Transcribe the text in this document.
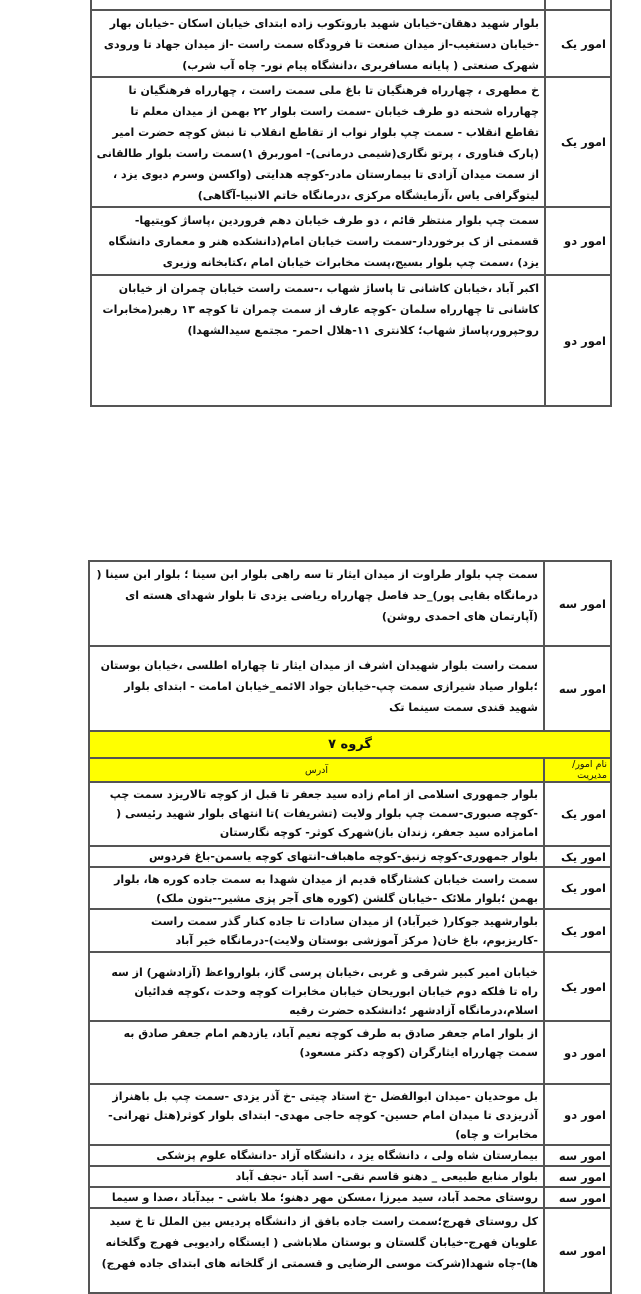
امور یک	بلوار شهید دهقان-خیابان شهید باروتکوب زاده ابتدای خیابان اسکان -خیابان بهار -خیابان دستغیب-از میدان صنعت تا فرودگاه سمت راست -از میدان جهاد تا ورودی شهرک صنعتی ( پایانه مسافربری ،دانشگاه پیام نور- چاه آب شرب)
امور یک	خ مطهری ، چهارراه فرهنگیان تا باغ ملی سمت راست ، چهارراه فرهنگیان تا چهارراه شحنه دو طرف خیابان -سمت راست بلوار ۲۲ بهمن از میدان معلم تا تقاطع انقلاب - سمت چپ بلوار نواب از تقاطع انقلاب تا نبش کوچه حضرت امیر (پارک فناوری ، پرتو نگاری(شیمی درمانی)- اموربرق ۱)سمت راست بلوار طالقانی از سمت میدان آزادی تا بیمارستان مادر-کوچه هدایتی (واکسن وسرم دیوی یزد ، لیتوگرافی یاس ،آزمایشگاه مرکزی ،درمانگاه خاتم الانبیا-آگاهی)
امور دو	سمت چپ بلوار منتظر قائم ، دو طرف خیابان دهم فروردین ،پاساژ کویتیها-قسمتی از ک برخوردار-سمت راست خیابان امام(دانشکده هنر و معماری دانشگاه یزد) ،سمت چپ بلوار بسیج،پست مخابرات خیابان امام ،کتابخانه وزیری
امور دو	اکبر آباد ،خیابان کاشانی تا پاساژ شهاب ،-سمت راست خیابان چمران از خیابان کاشانی تا چهارراه سلمان -کوچه عارف از سمت چمران تا کوچه ۱۳ رهبر(مخابرات روحپرور،پاساژ شهاب؛ کلانتری ۱۱-هلال احمر- مجتمع سیدالشهدا)
امور سه	سمت چپ بلوار طراوت از میدان ایثار تا سه راهی بلوار ابن سینا ؛ بلوار ابن سینا ( درمانگاه بقایی پور)_حد فاصل چهارراه ریاضی یزدی تا بلوار شهدای هسته ای (آپارتمان های احمدی روشن)
امور سه	سمت راست بلوار شهیدان اشرف از میدان ایثار تا چهاراه اطلسی ،خیابان بوستان ؛بلوار صیاد شیرازی سمت چپ-خیابان جواد الائمه_خیابان امامت - ابتدای بلوار شهید قندی سمت سینما تک
گروه ۷	
نام امور/مدیریت	آدرس
امور یک	بلوار جمهوری اسلامی از امام زاده سید جعفر تا قبل از کوچه تالاریزد سمت چپ -کوچه صبوری-سمت چپ بلوار ولایت (تشریفات )تا انتهای بلوار شهید رئیسی ( امامزاده سید جعفر، زندان باز)شهرک کوثر- کوچه نگارستان
امور یک	بلوار جمهوری-کوچه زنبق-کوچه ماهباف-انتهای کوچه یاسمن-باغ فردوس
امور یک	سمت راست خیابان کشتارگاه قدیم از میدان شهدا به سمت جاده کوره ها، بلوار بهمن ؛بلوار ملائک -خیابان گلشن (کوره های آجر پزی مشیر--بتون ملک)
امور یک	بلوارشهید جوکار( خیرآباد) از میدان سادات تا جاده کنار گذر سمت راست -کاریزبوم، باغ خان( مرکز آموزشی بوستان ولایت)-درمانگاه خیر آباد
امور یک	خیابان امیر کبیر شرقی و غربی ،خیابان پرسی گاز، بلوارواعظ (آزادشهر) از سه راه تا فلکه دوم خیابان ابوریحان خیابان مخابرات کوچه وحدت ،کوچه فدائیان اسلام،درمانگاه آزادشهر ؛دانشکده حضرت رقیه
امور دو	از بلوار امام جعفر صادق به طرف کوچه نعیم آباد، یازدهم امام جعفر صادق به سمت چهارراه ایثارگران (کوچه دکتر مسعود)
امور دو	بل موحدیان -میدان ابوالفضل -خ استاد چیتی -خ آذر یزدی -سمت چپ بل باهنراز آذریزدی تا میدان امام حسین- کوچه حاجی مهدی- ابتدای بلوار کوثر(هتل تهرانی-مخابرات و چاه)
امور سه	بیمارستان شاه ولی ، دانشگاه یزد ، دانشگاه آزاد -دانشگاه علوم پزشکی
امور سه	بلوار منابع طبیعی _ دهنو قاسم نقی- اسد آباد -نجف آباد
امور سه	روستای محمد آباد، سید میرزا ،مسکن مهر دهنو؛ ملا باشی - بیدآباد ،صدا و سیما
امور سه	کل روستای فهرج؛سمت راست جاده بافق از دانشگاه پردیس بین الملل تا خ سید علویان فهرج-خیابان گلستان و بوستان ملاباشی ( ایستگاه رادیویی فهرج وگلخانه ها)-چاه شهدا(شرکت موسی الرضایی و قسمتی از گلخانه های ابتدای جاده فهرج)
